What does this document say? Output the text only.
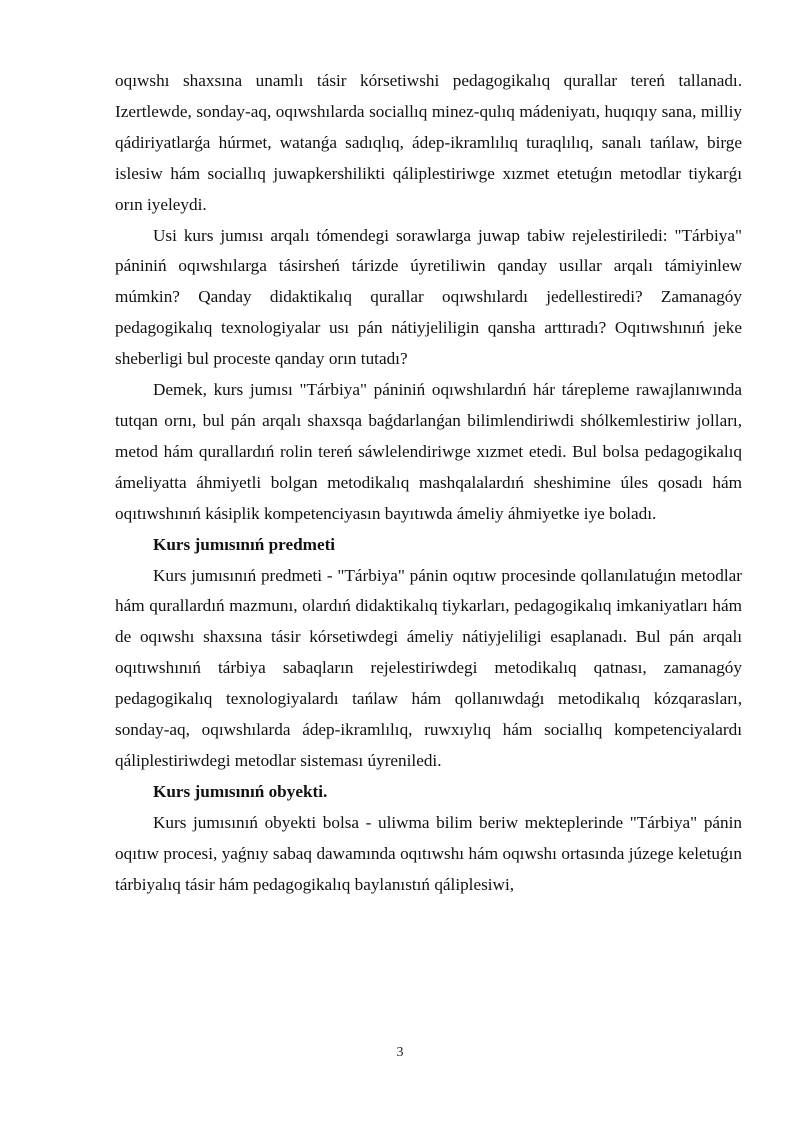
oqıwshı shaxsına unamlı tásir kórsetiwshi pedagogikalıq qurallar tereń tallanadı. Izertlewde, sonday-aq, oqıwshılarda sociallıq minez-qulıq mádeniyatı, huqıqıy sana, milliy qádiriyatlarǵa húrmet, watanǵa sadıqlıq, ádep-ikramlılıq turaqlılıq, sanalı tańlaw, birge islesiw hám sociallıq juwapkershilikti qáliplestiriwge xızmet etetuǵın metodlar tiykarǵı orın iyeleydi.

Usi kurs jumısı arqalı tómendegi sorawlarga juwap tabiw rejelestiriledi: "Tárbiya" pániniń oqıwshılarga tásirsheń tárizde úyretiliwin qanday usıllar arqalı támiyinlew múmkin? Qanday didaktikalıq qurallar oqıwshılardı jedellestiredi? Zamanagóy pedagogikalıq texnologiyalar usı pán nátiyjeliligin qansha arttıradı? Oqıtıwshınıń jeke sheberligi bul proceste qanday orın tutadı?

Demek, kurs jumısı "Tárbiya" pániniń oqıwshılardıń hár tárepleme rawajlanıwında tutqan ornı, bul pán arqalı shaxsqa baǵdarlanǵan bilimlendiriwdi shólkemlestiriw jolları, metod hám qurallardıń rolin tereń sáwlelendiriwge xızmet etedi. Bul bolsa pedagogikalıq ámeliyatta áhmiyetli bolgan metodikalıq mashqalalardıń sheshimine úles qosadı hám oqıtıwshınıń kásiplik kompetenciyasın bayıtıwda ámeliy áhmiyetke iye boladı.

Kurs jumısınıń predmeti

Kurs jumısınıń predmeti - "Tárbiya" pánin oqıtıw procesinde qollanılatuǵın metodlar hám qurallardıń mazmunı, olardıń didaktikalıq tiykarları, pedagogikalıq imkaniyatları hám de oqıwshı shaxsına tásir kórsetiwdegi ámeliy nátiyjeliligi esaplanadı. Bul pán arqalı oqıtıwshınıń tárbiya sabaqların rejelestiriwdegi metodikalıq qatnası, zamanagóy pedagogikalıq texnologiyalardı tańlaw hám qollanıwdaǵı metodikalıq kózqarasları, sonday-aq, oqıwshılarda ádep-ikramlılıq, ruwxıylıq hám sociallıq kompetenciyalardı qáliplestiriwdegi metodlar sisteması úyreniledi.

Kurs jumısınıń obyekti.

Kurs jumısınıń obyekti bolsa - uliwma bilim beriw mekteplerinde "Tárbiya" pánin oqıtıw procesi, yaǵnıy sabaq dawamında oqıtıwshı hám oqıwshı ortasında júzege keletuǵın tárbiyalıq tásir hám pedagogikalıq baylanıstıń qáliplesiwi,

3
